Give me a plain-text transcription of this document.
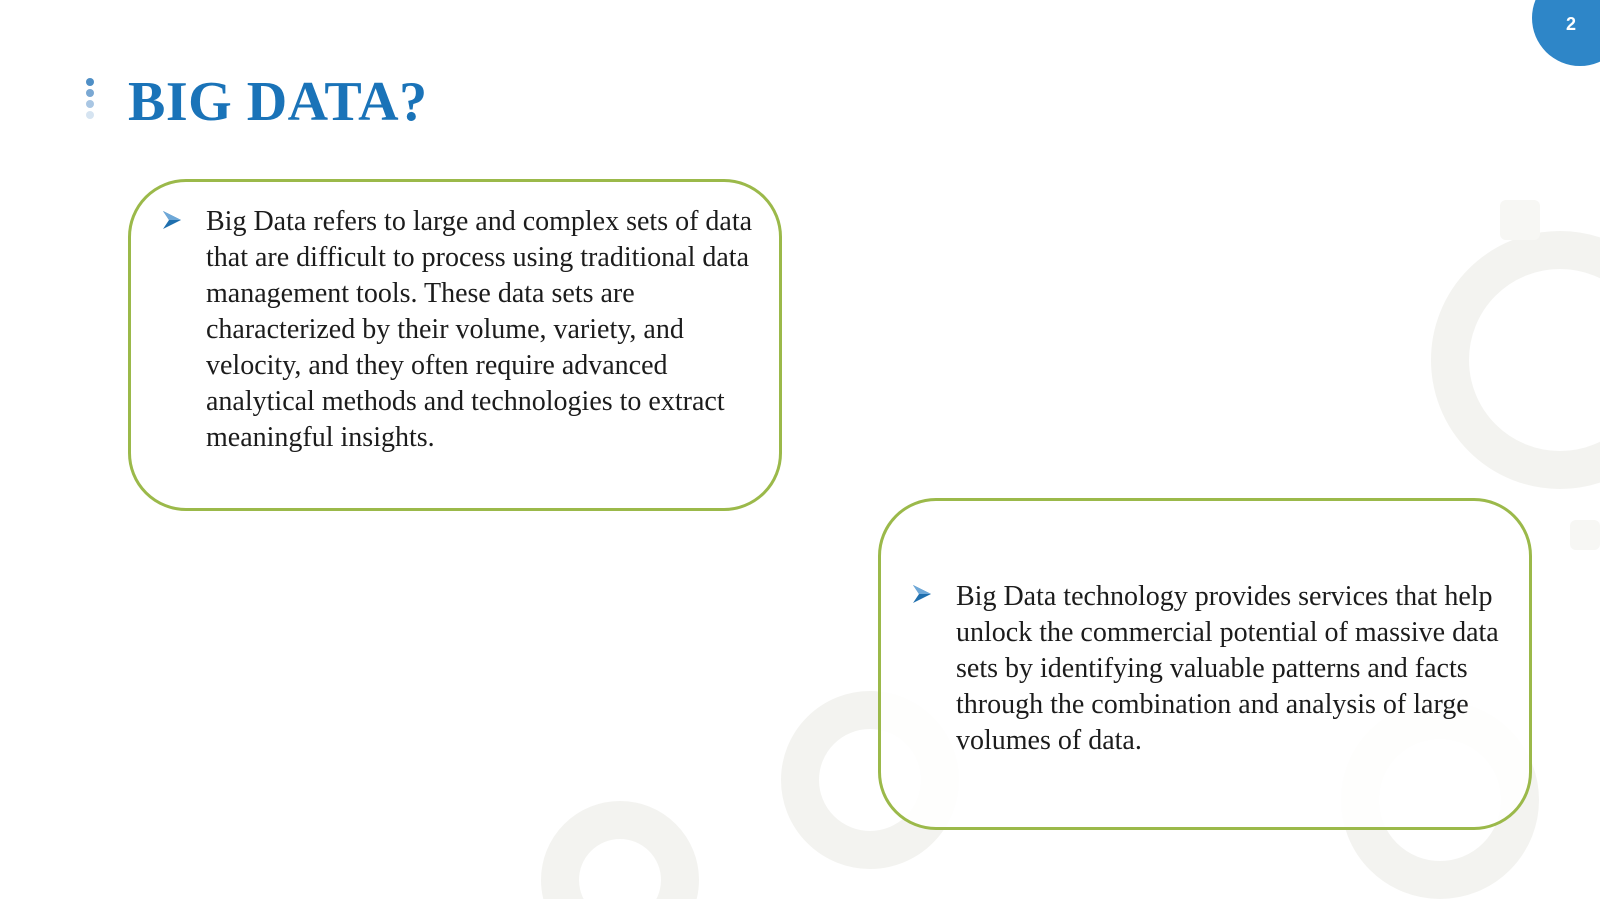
2
BIG DATA?

Big Data refers to large and complex sets of data that are difficult to process using traditional data management tools. These data sets are characterized by their volume, variety, and velocity, and they often require advanced analytical methods and technologies to extract meaningful insights.

Big Data technology provides services that help unlock the commercial potential of massive data sets by identifying valuable patterns and facts through the combination and analysis of large volumes of data.
